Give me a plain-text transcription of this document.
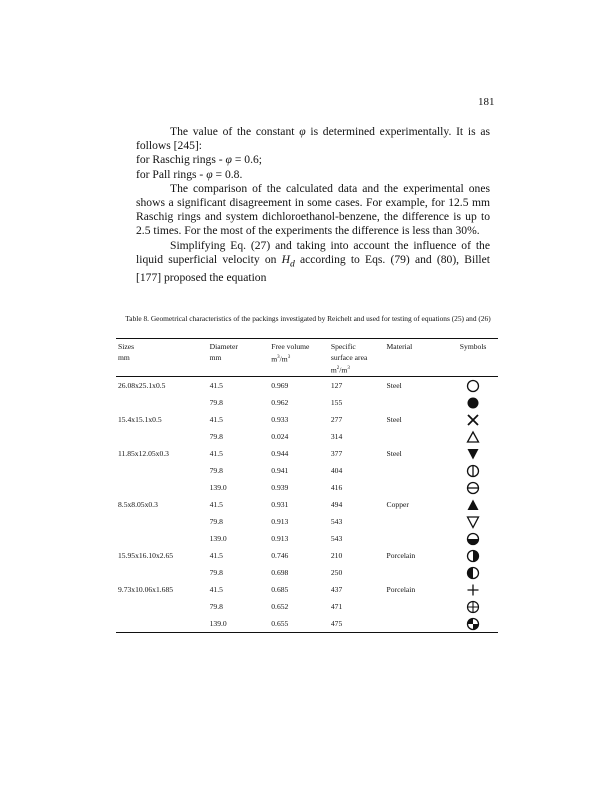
181

The value of the constant φ is determined experimentally. It is as follows [245]:

for Raschig rings - φ = 0.6;

for Pall rings - φ = 0.8.

The comparison of the calculated data and the experimental ones shows a significant disagreement in some cases. For example, for 12.5 mm Raschig rings and system dichloroethanol-benzene, the difference is up to 2.5 times. For the most of the experiments the difference is less than 30%.

Simplifying Eq. (27) and taking into account the influence of the liquid superficial velocity on $H_d$ according to Eqs. (79) and (80), Billet [177] proposed the equation

Table 8. Geometrical characteristics of the packings investigated by Reichelt and used for testing of equations (25) and (26)
Sizes	Diameter	Free volume	Specific	Material	Symbols
mm	mm	$m^3/m^3$	surface area		
			$m^2/m^3$		
26.08x25.1x0.5	41.5	0.969	127	Steel	
	79.8	0.962	155		
15.4x15.1x0.5	41.5	0.933	277	Steel	
	79.8	0.024	314		
11.85x12.05x0.3	41.5	0.944	377	Steel	
	79.8	0.941	404		
	139.0	0.939	416		
8.5x8.05x0.3	41.5	0.931	494	Copper	
	79.8	0.913	543		
	139.0	0.913	543		
15.95x16.10x2.65	41.5	0.746	210	Porcelain	
	79.8	0.698	250		
9.73x10.06x1.685	41.5	0.685	437	Porcelain	
	79.8	0.652	471		
	139.0	0.655	475		
